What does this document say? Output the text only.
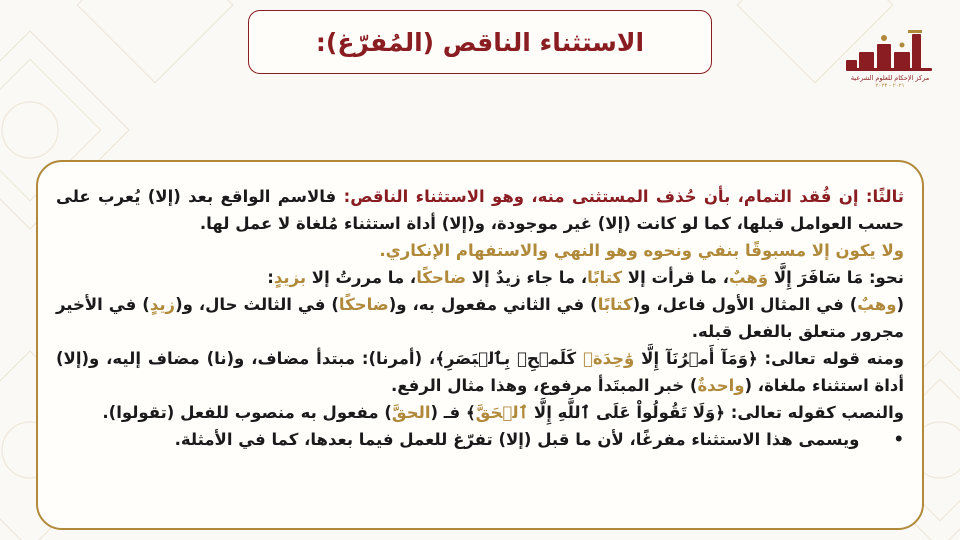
الاستثناء الناقص (المُفرّغ):
مركز الإحكام للعلوم الشرعية
٢٠٢١ - ٢٠٢٣

ثالثًا: إن فُقد التمام، بأن حُذف المستثنى منه، وهو الاستثناء الناقص: فالاسم الواقع بعد (إلا) يُعرب على حسب العوامل قبلها، كما لو كانت (إلا) غير موجودة، و(إلا) أداة استثناء مُلغاة لا عمل لها.

ولا يكون إلا مسبوقًا بنفي ونحوه وهو النهي والاستفهام الإنكاري.

نحو: مَا سَافَرَ إِلَّا وَهبٌ، ما قرأت إلا كتابًا، ما جاء زيدٌ إلا ضاحكًا، ما مررتُ إلا بزيدٍ:

(وهبٌ) في المثال الأول فاعل، و(كتابًا) في الثاني مفعول به، و(ضاحكًا) في الثالث حال، و(زيدٍ) في الأخير مجرور متعلق بالفعل قبله.

ومنه قوله تعالى: ﴿وَمَآ أَمۡرُنَآ إِلَّا وَٰحِدَةٞ كَلَمۡحِۭ بِٱلۡبَصَرِ﴾، (أمرنا): مبتدأ مضاف، و(نا) مضاف إليه، و(إلا) أداة استثناء ملغاة، (واحدةٌ) خبر المبتَدأ مرفوع، وهذا مثال الرفع.

والنصب كقوله تعالى: ﴿وَلَا تَقُولُواْ عَلَى ٱللَّهِ إِلَّا ٱلۡحَقَّ﴾ فـ (الحقَّ) مفعول به منصوب للفعل (تقولوا).

•ويسمى هذا الاستثناء مفرغًا، لأن ما قبل (إلا) تفرّغ للعمل فيما بعدها، كما في الأمثلة.
